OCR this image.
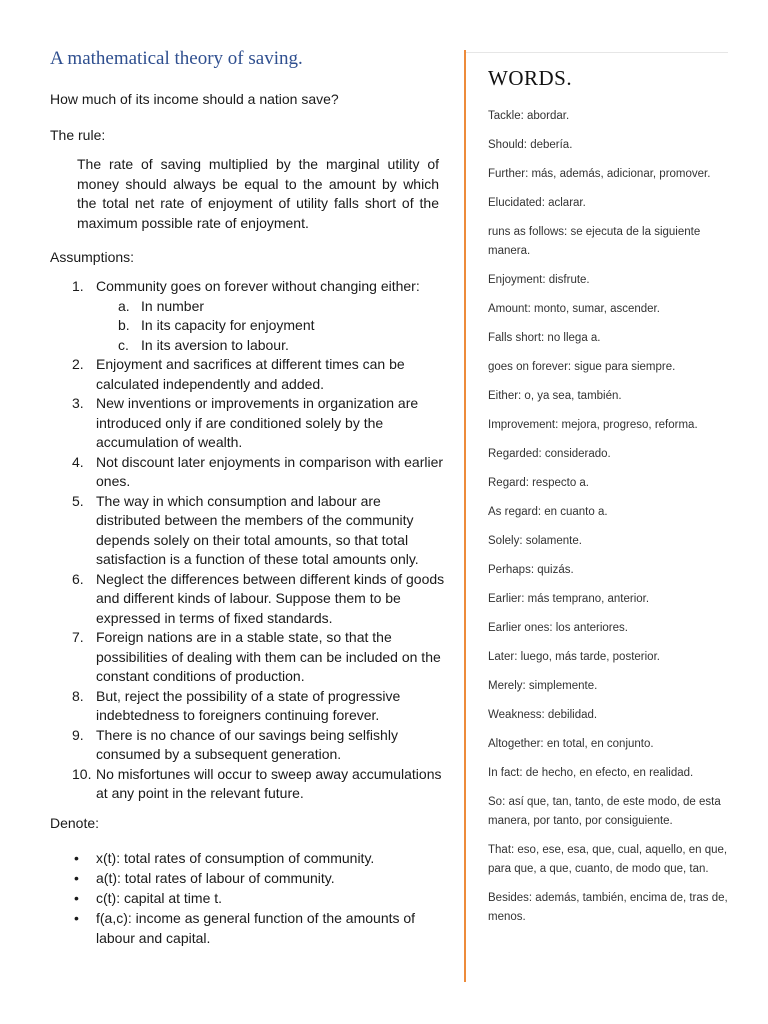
A mathematical theory of saving.

How much of its income should a nation save?

The rule:

The rate of saving multiplied by the marginal utility of money should always be equal to the amount by which the total net rate of enjoyment of utility falls short of the maximum possible rate of enjoyment.

Assumptions:

1. Community goes on forever without changing either:
a. In number
b. In its capacity for enjoyment
c. In its aversion to labour.
2. Enjoyment and sacrifices at different times can be calculated independently and added.
3. New inventions or improvements in organization are introduced only if are conditioned solely by the accumulation of wealth.
4. Not discount later enjoyments in comparison with earlier ones.
5. The way in which consumption and labour are distributed between the members of the community depends solely on their total amounts, so that total satisfaction is a function of these total amounts only.
6. Neglect the differences between different kinds of goods and different kinds of labour. Suppose them to be expressed in terms of fixed standards.
7. Foreign nations are in a stable state, so that the possibilities of dealing with them can be included on the constant conditions of production.
8. But, reject the possibility of a state of progressive indebtedness to foreigners continuing forever.
9. There is no chance of our savings being selfishly consumed by a subsequent generation.
10. No misfortunes will occur to sweep away accumulations at any point in the relevant future.

Denote:

• x(t): total rates of consumption of community.
• a(t): total rates of labour of community.
• c(t): capital at time t.
• f(a,c): income as general function of the amounts of labour and capital.
WORDS.

Tackle: abordar.

Should: debería.

Further: más, además, adicionar, promover.

Elucidated: aclarar.

runs as follows: se ejecuta de la siguiente manera.

Enjoyment: disfrute.

Amount: monto, sumar, ascender.

Falls short: no llega a.

goes on forever: sigue para siempre.

Either: o, ya sea, también.

Improvement: mejora, progreso, reforma.

Regarded: considerado.

Regard: respecto a.

As regard: en cuanto a.

Solely: solamente.

Perhaps: quizás.

Earlier: más temprano, anterior.

Earlier ones: los anteriores.

Later: luego, más tarde, posterior.

Merely: simplemente.

Weakness: debilidad.

Altogether: en total, en conjunto.

In fact: de hecho, en efecto, en realidad.

So: así que, tan, tanto, de este modo, de esta manera, por tanto, por consiguiente.

That: eso, ese, esa, que, cual, aquello, en que, para que, a que, cuanto, de modo que, tan.

Besides: además, también, encima de, tras de, menos.
